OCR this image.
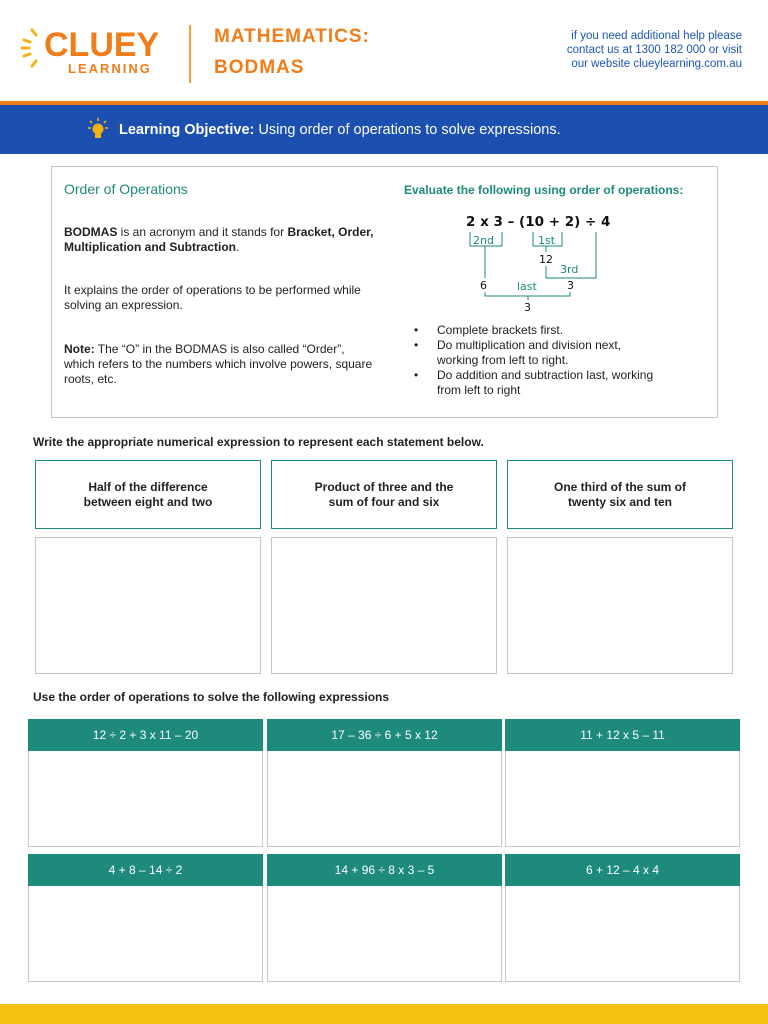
CLUEY
LEARNING
MATHEMATICS:
BODMAS
if you need additional help please
contact us at 1300 182 000 or visit
our website clueylearning.com.au
Learning Objective: Using order of operations to solve expressions.
Order of Operations
BODMAS is an acronym and it stands for Bracket, Order, Multiplication and Subtraction.
It explains the order of operations to be performed while solving an expression.
Note: The “O” in the BODMAS is also called “Order”, which refers to the numbers which involve powers, square roots, etc.
Evaluate the following using order of operations:
2 x 3 – (10 + 2) ÷ 4
2nd	1st
12
3rd
6	3
last
3
• Complete brackets first.
• Do multiplication and division next, working from left to right.
• Do addition and subtraction last, working from left to right
Write the appropriate numerical expression to represent each statement below.
Half of the difference between eight and two
Product of three and the sum of four and six
One third of the sum of twenty six and ten
Use the order of operations to solve the following expressions
12 ÷ 2 + 3 x 11 – 20	17 – 36 ÷ 6 + 5 x 12	11 + 12 x 5 – 11
4 + 8 – 14 ÷ 2	14 + 96 ÷ 8 x 3 – 5	6 + 12 – 4 x 4
